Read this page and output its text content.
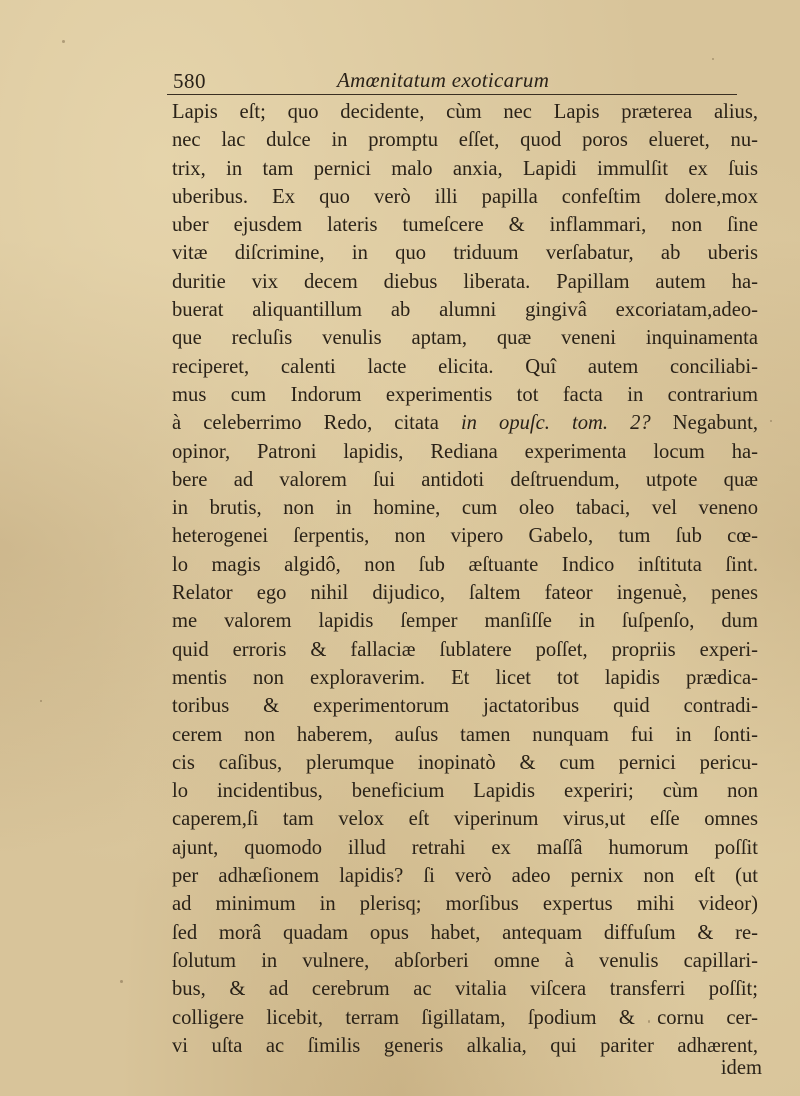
580	Amœnitatum exoticarum
Lapis eſt; quo decidente, cùm nec Lapis præterea alius,
nec lac dulce in promptu eſſet, quod poros elueret, nu-
trix, in tam pernici malo anxia, Lapidi immulſit ex ſuis
uberibus. Ex quo verò illi papilla confeſtim dolere,mox
uber ejusdem lateris tumeſcere & inflammari, non ſine
vitæ diſcrimine, in quo triduum verſabatur, ab uberis
duritie vix decem diebus liberata. Papillam autem ha-
buerat aliquantillum ab alumni gingivâ excoriatam,adeo-
que recluſis venulis aptam, quæ veneni inquinamenta
reciperet, calenti lacte elicita. Quî autem conciliabi-
mus cum Indorum experimentis tot facta in contrarium
à celeberrimo Redo, citata in opuſc. tom. 2? Negabunt,
opinor, Patroni lapidis, Rediana experimenta locum ha-
bere ad valorem ſui antidoti deſtruendum, utpote quæ
in brutis, non in homine, cum oleo tabaci, vel veneno
heterogenei ſerpentis, non vipero Gabelo, tum ſub cœ-
lo magis algidô, non ſub æſtuante Indico inſtituta ſint.
Relator ego nihil dijudico, ſaltem fateor ingenuè, penes
me valorem lapidis ſemper manſiſſe in ſuſpenſo, dum
quid erroris & fallaciæ ſublatere poſſet, propriis experi-
mentis non exploraverim. Et licet tot lapidis prædica-
toribus & experimentorum jactatoribus quid contradi-
cerem non haberem, auſus tamen nunquam fui in ſonti-
cis caſibus, plerumque inopinatò & cum pernici pericu-
lo incidentibus, beneficium Lapidis experiri; cùm non
caperem,ſi tam velox eſt viperinum virus,ut eſſe omnes
ajunt, quomodo illud retrahi ex maſſâ humorum poſſit
per adhæſionem lapidis? ſi verò adeo pernix non eſt (ut
ad minimum in plerisq; morſibus expertus mihi videor)
ſed morâ quadam opus habet, antequam diffuſum & re-
ſolutum in vulnere, abſorberi omne à venulis capillari-
bus, & ad cerebrum ac vitalia viſcera transferri poſſit;
colligere licebit, terram ſigillatam, ſpodium & cornu cer-
vi uſta ac ſimilis generis alkalia, qui pariter adhærent,
idem
